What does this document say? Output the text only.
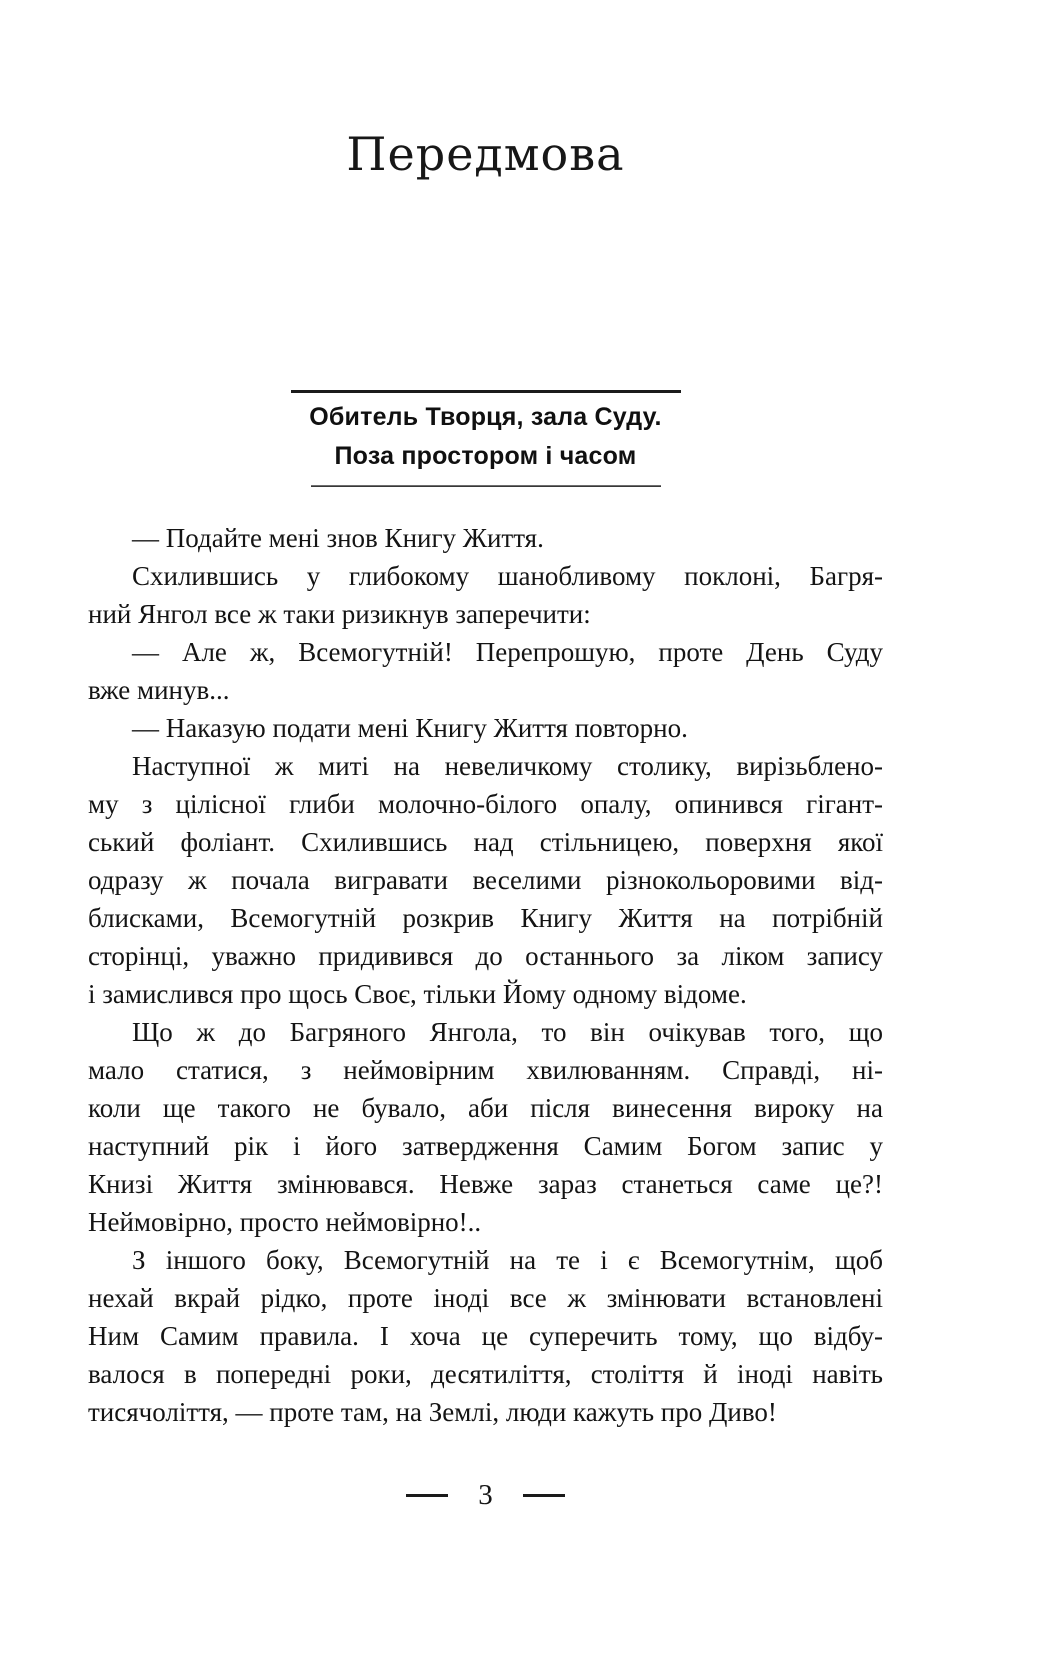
Передмова
Обитель Творця, зала Суду.
Поза простором і часом
— Подайте мені знов Книгу Життя.
Схилившись у глибокому шанобливому поклоні, Багря-
ний Янгол все ж таки ризикнув заперечити:
— Але ж, Всемогутній! Перепрошую, проте День Суду
вже минув...
— Наказую подати мені Книгу Життя повторно.
Наступної ж миті на невеличкому столику, вирізьблено-
му з цілісної глиби молочно-білого опалу, опинився гігант-
ський фоліант. Схилившись над стільницею, поверхня якої
одразу ж почала вигравати веселими різнокольоровими від-
блисками, Всемогутній розкрив Книгу Життя на потрібній
сторінці, уважно придивився до останнього за ліком запису
і замислився про щось Своє, тільки Йому одному відоме.
Що ж до Багряного Янгола, то він очікував того, що
мало статися, з неймовірним хвилюванням. Справді, ні-
коли ще такого не бувало, аби після винесення вироку на
наступний рік і його затвердження Самим Богом запис у
Книзі Життя змінювався. Невже зараз станеться саме це?!
Неймовірно, просто неймовірно!..
З іншого боку, Всемогутній на те і є Всемогутнім, щоб
нехай вкрай рідко, проте іноді все ж змінювати встановлені
Ним Самим правила. І хоча це суперечить тому, що відбу-
валося в попередні роки, десятиліття, століття й іноді навіть
тисячоліття, — проте там, на Землі, люди кажуть про Диво!
3
